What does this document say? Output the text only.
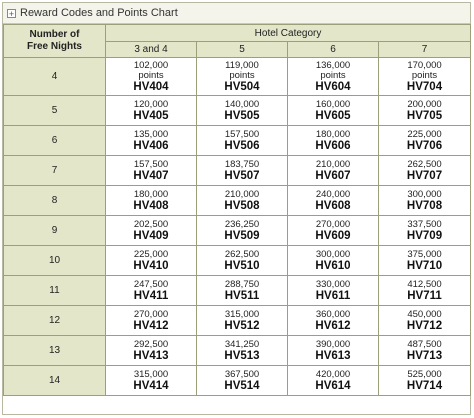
+ Reward Codes and Points Chart
Number of
Free Nights	Hotel Category			
	3 and 4	5	6	7
4	102,000
points
HV404	119,000
points
HV504	136,000
points
HV604	170,000
points
HV704

5	120,000
HV405	140,000
HV505	160,000
HV605	200,000
HV705

6	135,000
HV406	157,500
HV506	180,000
HV606	225,000
HV706

7	157,500
HV407	183,750
HV507	210,000
HV607	262,500
HV707

8	180,000
HV408	210,000
HV508	240,000
HV608	300,000
HV708

9	202,500
HV409	236,250
HV509	270,000
HV609	337,500
HV709

10	225,000
HV410	262,500
HV510	300,000
HV610	375,000
HV710

11	247,500
HV411	288,750
HV511	330,000
HV611	412,500
HV711

12	270,000
HV412	315,000
HV512	360,000
HV612	450,000
HV712

13	292,500
HV413	341,250
HV513	390,000
HV613	487,500
HV713

14	315,000
HV414	367,500
HV514	420,000
HV614	525,000
HV714
